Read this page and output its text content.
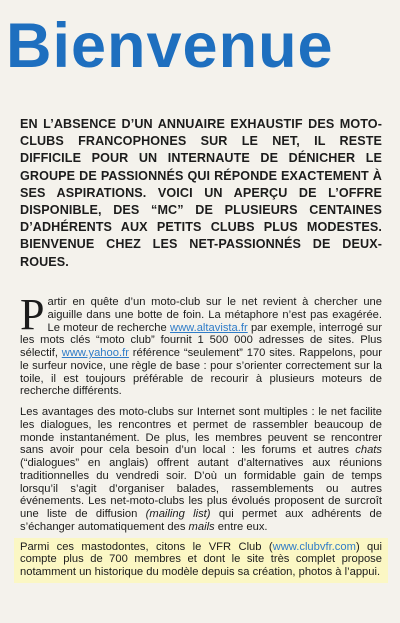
Bienvenue
EN L’ABSENCE D’UN ANNUAIRE EXHAUSTIF DES MOTO-CLUBS FRANCOPHONES SUR LE NET, IL RESTE DIFFICILE POUR UN INTERNAUTE DE DÉNICHER LE GROUPE DE PASSIONNÉS QUI RÉPONDE EXACTEMENT À SES ASPIRATIONS. VOICI UN APERÇU DE L’OFFRE DISPONIBLE, DES “MC” DE PLUSIEURS CENTAINES D’ADHÉRENTS AUX PETITS CLUBS PLUS MODESTES. BIENVENUE CHEZ LES NET-PASSIONNÉS DE DEUX-ROUES.

Partir en quête d’un moto-club sur le net revient à chercher une aiguille dans une botte de foin. La métaphore n’est pas exagérée. Le moteur de recherche www.altavista.fr par exemple, interrogé sur les mots clés “moto club” fournit 1 500 000 adresses de sites. Plus sélectif, www.yahoo.fr référence “seulement” 170 sites. Rappelons, pour le surfeur novice, une règle de base : pour s’orienter correctement sur la toile, il est toujours préférable de recourir à plusieurs moteurs de recherche différents.

Les avantages des moto-clubs sur Internet sont multiples : le net facilite les dialogues, les rencontres et permet de rassembler beaucoup de monde instantanément. De plus, les membres peuvent se rencontrer sans avoir pour cela besoin d’un local : les forums et autres chats (“dialogues” en anglais) offrent autant d’alternatives aux réunions traditionnelles du vendredi soir. D’où un formidable gain de temps lorsqu’il s’agit d’organiser balades, rassemblements ou autres événements. Les net-moto-clubs les plus évolués proposent de surcroît une liste de diffusion (mailing list) qui permet aux adhérents de s’échanger automatiquement des mails entre eux.

Parmi ces mastodontes, citons le VFR Club (www.clubvfr.com) qui compte plus de 700 membres et dont le site très complet propose notamment un historique du modèle depuis sa création, photos à l’appui.
